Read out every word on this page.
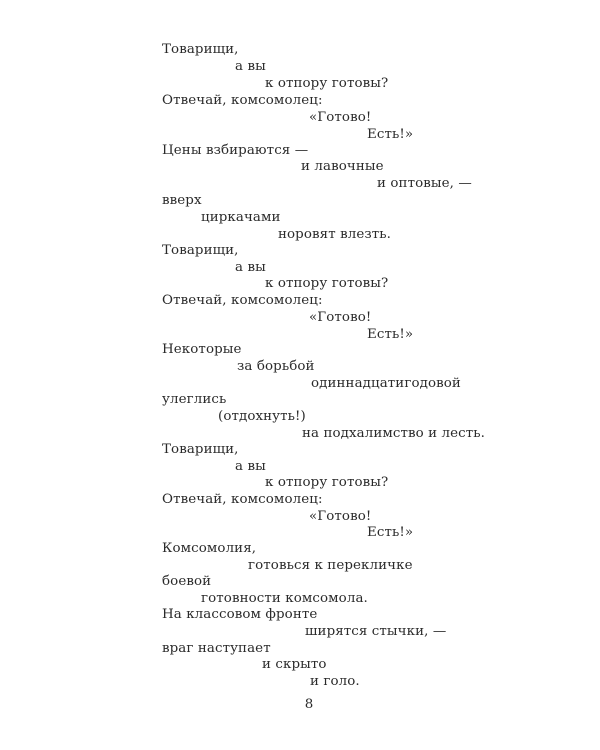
Товарищи,
а вы
к отпору готовы?
Отвечай, комсомолец:
«Готово!
Есть!»
Цены взбираются —
и лавочные
и оптовые, —
вверх
циркачами
норовят влезть.
Товарищи,
а вы
к отпору готовы?
Отвечай, комсомолец:
«Готово!
Есть!»
Некоторые
за борьбой
одиннадцатигодовой
улеглись
(отдохнуть!)
на подхалимство и лесть.
Товарищи,
а вы
к отпору готовы?
Отвечай, комсомолец:
«Готово!
Есть!»
Комсомолия,
готовься к перекличке
боевой
готовности комсомола.
На классовом фронте
ширятся стычки, —
враг наступает
и скрыто
и голо.
8
